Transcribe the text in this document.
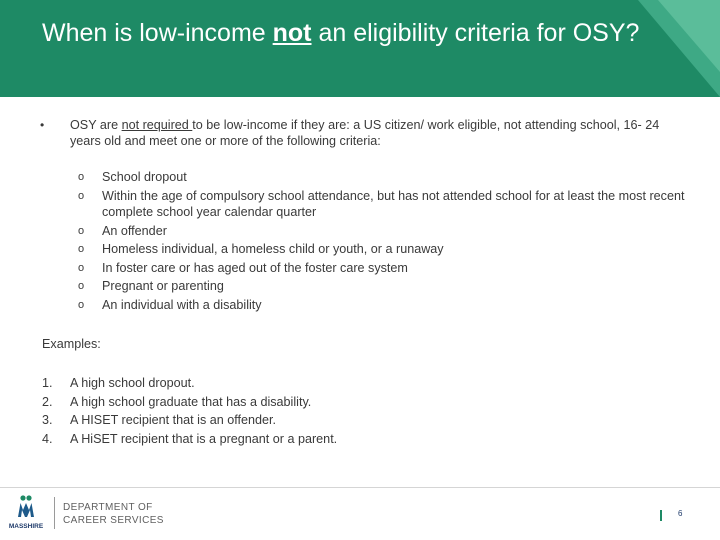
When is low-income not an eligibility criteria for OSY?
• OSY are not required to be low-income if they are: a US citizen/ work eligible, not attending school, 16- 24 years old and meet one or more of the following criteria:
o School dropout
o Within the age of compulsory school attendance, but has not attended school for at least the most recent complete school year calendar quarter
o An offender
o Homeless individual, a homeless child or youth, or a runaway
o In foster care or has aged out of the foster care system
o Pregnant or parenting
o An individual with a disability
Examples:
1. A high school dropout.
2. A high school graduate that has a disability.
3. A HISET recipient that is an offender.
4. A HiSET recipient that is a pregnant or a parent.
MASSHIRE
DEPARTMENT OF
CAREER SERVICES
6
